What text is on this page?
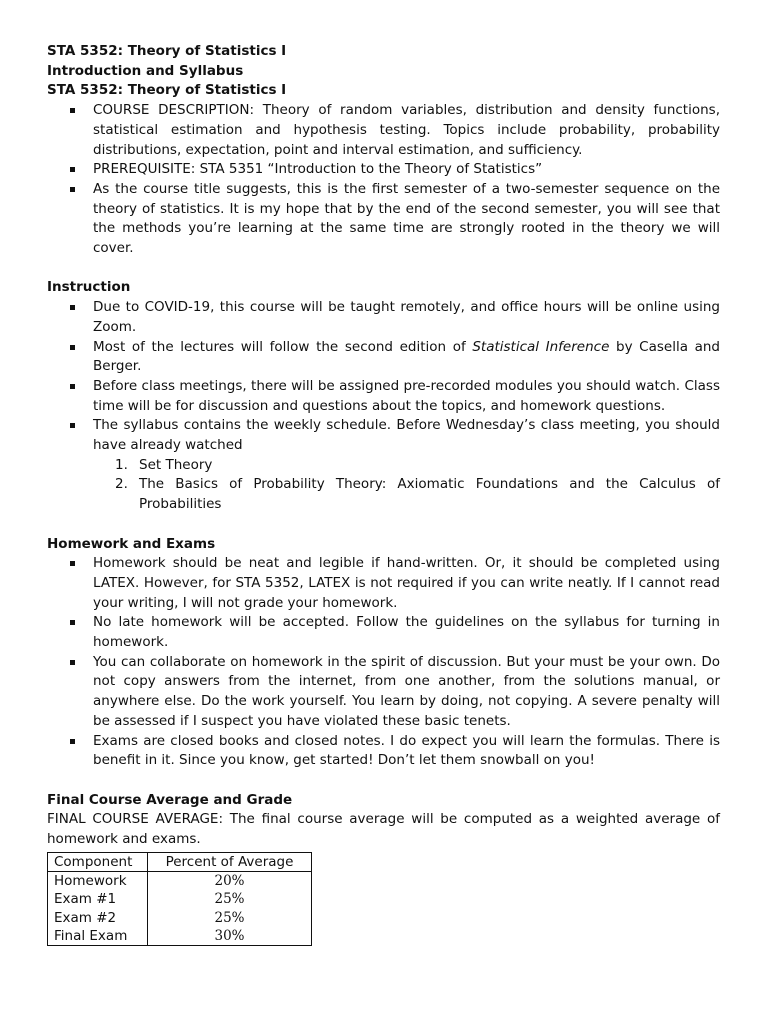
STA 5352: Theory of Statistics I

Introduction and Syllabus

STA 5352: Theory of Statistics I

COURSE DESCRIPTION: Theory of random variables, distribution and density functions, statistical estimation and hypothesis testing. Topics include probability, probability distributions, expectation, point and interval estimation, and sufficiency.
PREREQUISITE: STA 5351 “Introduction to the Theory of Statistics”
As the course title suggests, this is the first semester of a two-semester sequence on the theory of statistics. It is my hope that by the end of the second semester, you will see that the methods you’re learning at the same time are strongly rooted in the theory we will cover.

Instruction

Due to COVID-19, this course will be taught remotely, and office hours will be online using Zoom.
Most of the lectures will follow the second edition of Statistical Inference by Casella and Berger.
Before class meetings, there will be assigned pre-recorded modules you should watch. Class time will be for discussion and questions about the topics, and homework questions.
The syllabus contains the weekly schedule. Before Wednesday’s class meeting, you should have already watched
1. Set Theory
2. The Basics of Probability Theory: Axiomatic Foundations and the Calculus of Probabilities

Homework and Exams

Homework should be neat and legible if hand-written. Or, it should be completed using LATEX. However, for STA 5352, LATEX is not required if you can write neatly. If I cannot read your writing, I will not grade your homework.
No late homework will be accepted. Follow the guidelines on the syllabus for turning in homework.
You can collaborate on homework in the spirit of discussion. But your must be your own. Do not copy answers from the internet, from one another, from the solutions manual, or anywhere else. Do the work yourself. You learn by doing, not copying. A severe penalty will be assessed if I suspect you have violated these basic tenets.
Exams are closed books and closed notes. I do expect you will learn the formulas. There is benefit in it. Since you know, get started! Don’t let them snowball on you!

Final Course Average and Grade

FINAL COURSE AVERAGE: The final course average will be computed as a weighted average of homework and exams.

Component	Percent of Average
Homework	20%
Exam #1	25%
Exam #2	25%
Final Exam	30%
